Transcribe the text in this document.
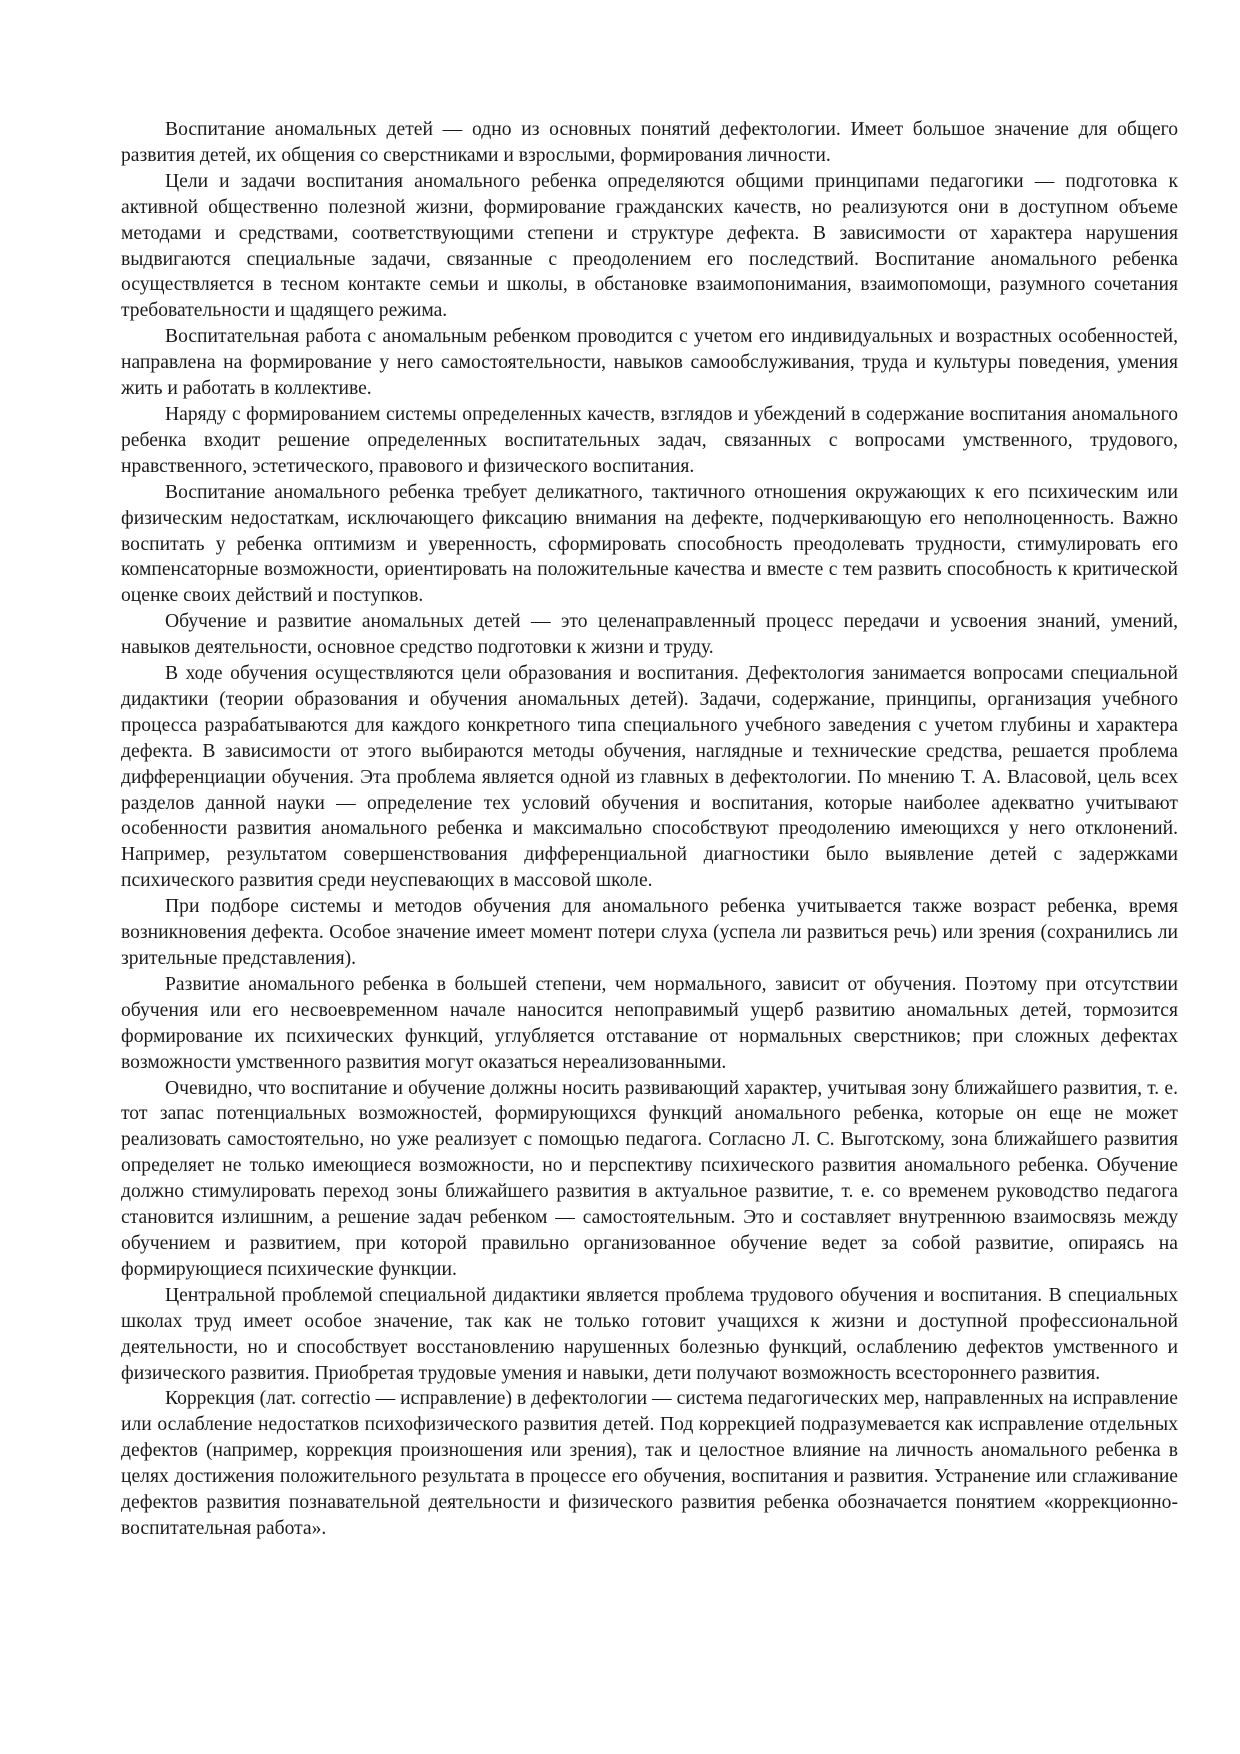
Воспитание аномальных детей — одно из основных понятий дефектологии. Имеет большое значение для общего развития детей, их общения со сверстниками и взрослыми, формирования личности.

Цели и задачи воспитания аномального ребенка определяются общими принципами педагогики — подготовка к активной общественно полезной жизни, формирование гражданских качеств, но реализуются они в доступном объеме методами и средствами, соответствующими степени и структуре дефекта. В зависимости от характера нарушения выдвигаются специальные задачи, связанные с преодолением его последствий. Воспитание аномального ребенка осуществляется в тесном контакте семьи и школы, в обстановке взаимопонимания, взаимопомощи, разумного сочетания требовательности и щадящего режима.

Воспитательная работа с аномальным ребенком проводится с учетом его индивидуальных и возрастных особенностей, направлена на формирование у него самостоятельности, навыков самообслуживания, труда и культуры поведения, умения жить и работать в коллективе.

Наряду с формированием системы определенных качеств, взглядов и убеждений в содержание воспитания аномального ребенка входит решение определенных воспитательных задач, связанных с вопросами умственного, трудового, нравственного, эстетического, правового и физического воспитания.

Воспитание аномального ребенка требует деликатного, тактичного отношения окружающих к его психическим или физическим недостаткам, исключающего фиксацию внимания на дефекте, подчеркивающую его неполноценность. Важно воспитать у ребенка оптимизм и уверенность, сформировать способность преодолевать трудности, стимулировать его компенсаторные возможности, ориентировать на положительные качества и вместе с тем развить способность к критической оценке своих действий и поступков.

Обучение и развитие аномальных детей — это целенаправленный процесс передачи и усвоения знаний, умений, навыков деятельности, основное средство подготовки к жизни и труду.

В ходе обучения осуществляются цели образования и воспитания. Дефектология занимается вопросами специальной дидактики (теории образования и обучения аномальных детей). Задачи, содержание, принципы, организация учебного процесса разрабатываются для каждого конкретного типа специального учебного заведения с учетом глубины и характера дефекта. В зависимости от этого выбираются методы обучения, наглядные и технические средства, решается проблема дифференциации обучения. Эта проблема является одной из главных в дефектологии. По мнению Т. А. Власовой, цель всех разделов данной науки — определение тех условий обучения и воспитания, которые наиболее адекватно учитывают особенности развития аномального ребенка и максимально способствуют преодолению имеющихся у него отклонений. Например, результатом совершенствования дифференциальной диагностики было выявление детей с задержками психического развития среди неуспевающих в массовой школе.

При подборе системы и методов обучения для аномального ребенка учитывается также возраст ребенка, время возникновения дефекта. Особое значение имеет момент потери слуха (успела ли развиться речь) или зрения (сохранились ли зрительные представления).

Развитие аномального ребенка в большей степени, чем нормального, зависит от обучения. Поэтому при отсутствии обучения или его несвоевременном начале наносится непоправимый ущерб развитию аномальных детей, тормозится формирование их психических функций, углубляется отставание от нормальных сверстников; при сложных дефектах возможности умственного развития могут оказаться нереализованными.

Очевидно, что воспитание и обучение должны носить развивающий характер, учитывая зону ближайшего развития, т. е. тот запас потенциальных возможностей, формирующихся функций аномального ребенка, которые он еще не может реализовать самостоятельно, но уже реализует с помощью педагога. Согласно Л. С. Выготскому, зона ближайшего развития определяет не только имеющиеся возможности, но и перспективу психического развития аномального ребенка. Обучение должно стимулировать переход зоны ближайшего развития в актуальное развитие, т. е. со временем руководство педагога становится излишним, а решение задач ребенком — самостоятельным. Это и составляет внутреннюю взаимосвязь между обучением и развитием, при которой правильно организованное обучение ведет за собой развитие, опираясь на формирующиеся психические функции.

Центральной проблемой специальной дидактики является проблема трудового обучения и воспитания. В специальных школах труд имеет особое значение, так как не только готовит учащихся к жизни и доступной профессиональной деятельности, но и способствует восстановлению нарушенных болезнью функций, ослаблению дефектов умственного и физического развития. Приобретая трудовые умения и навыки, дети получают возможность всестороннего развития.

Коррекция (лат. correctio — исправление) в дефектологии — система педагогических мер, направленных на исправление или ослабление недостатков психофизического развития детей. Под коррекцией подразумевается как исправление отдельных дефектов (например, коррекция произношения или зрения), так и целостное влияние на личность аномального ребенка в целях достижения положительного результата в процессе его обучения, воспитания и развития. Устранение или сглаживание дефектов развития познавательной деятельности и физического развития ребенка обозначается понятием «коррекционно-воспитательная работа».
